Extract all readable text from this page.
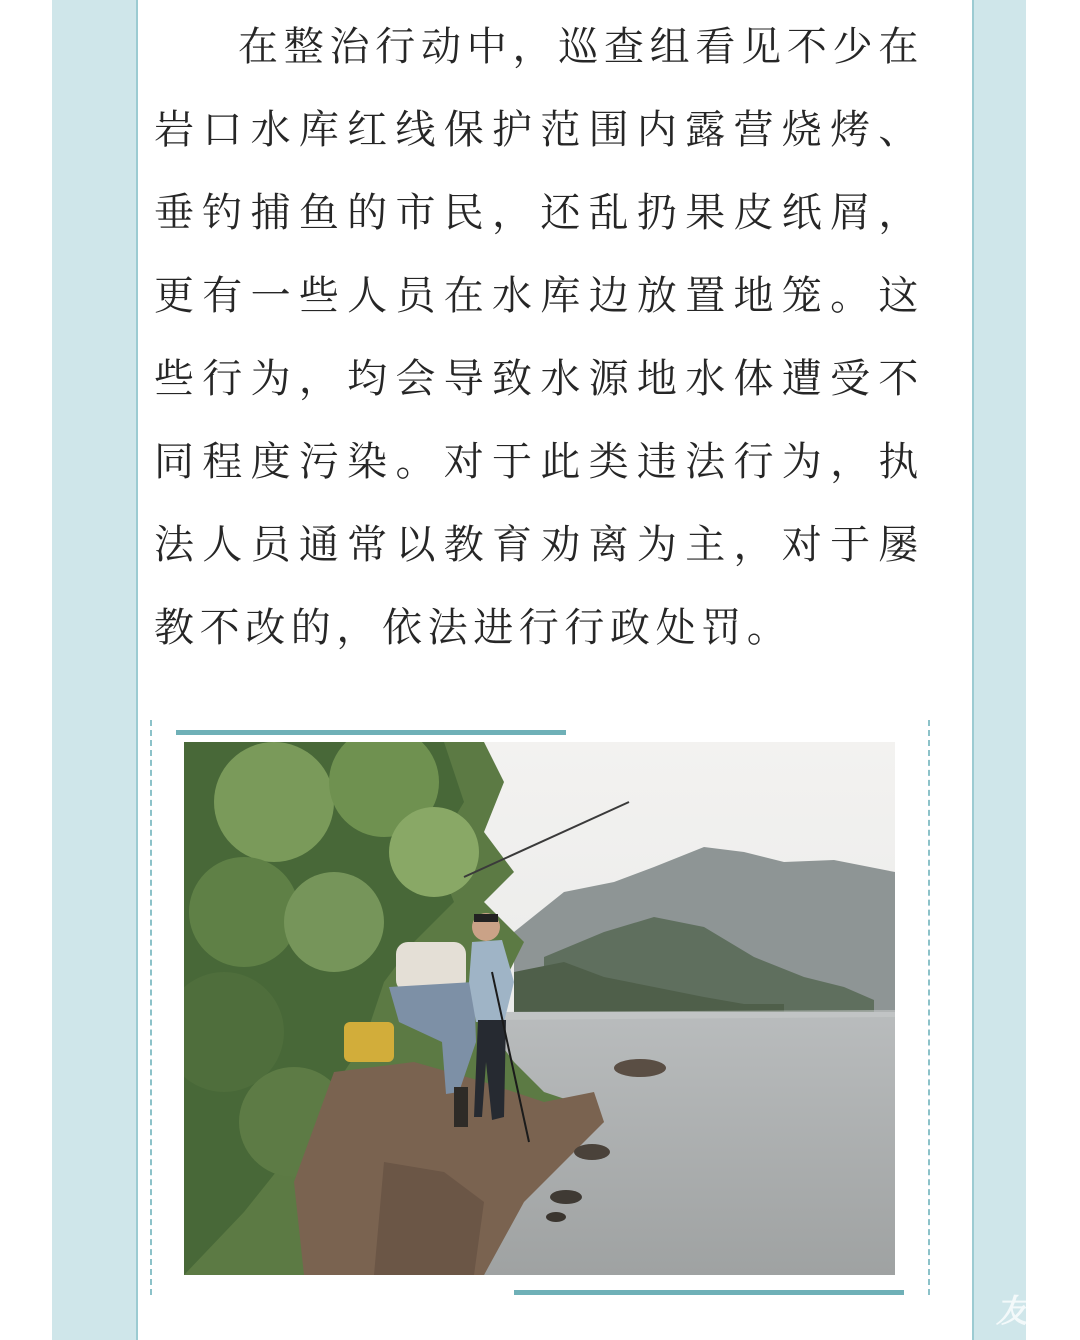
在整治行动中，巡查组看见不少在岩口水库红线保护范围内露营烧烤、垂钓捕鱼的市民，还乱扔果皮纸屑，更有一些人员在水库边放置地笼。这些行为，均会导致水源地水体遭受不同程度污染。对于此类违法行为，执法人员通常以教育劝离为主，对于屡教不改的，依法进行行政处罚。

友
